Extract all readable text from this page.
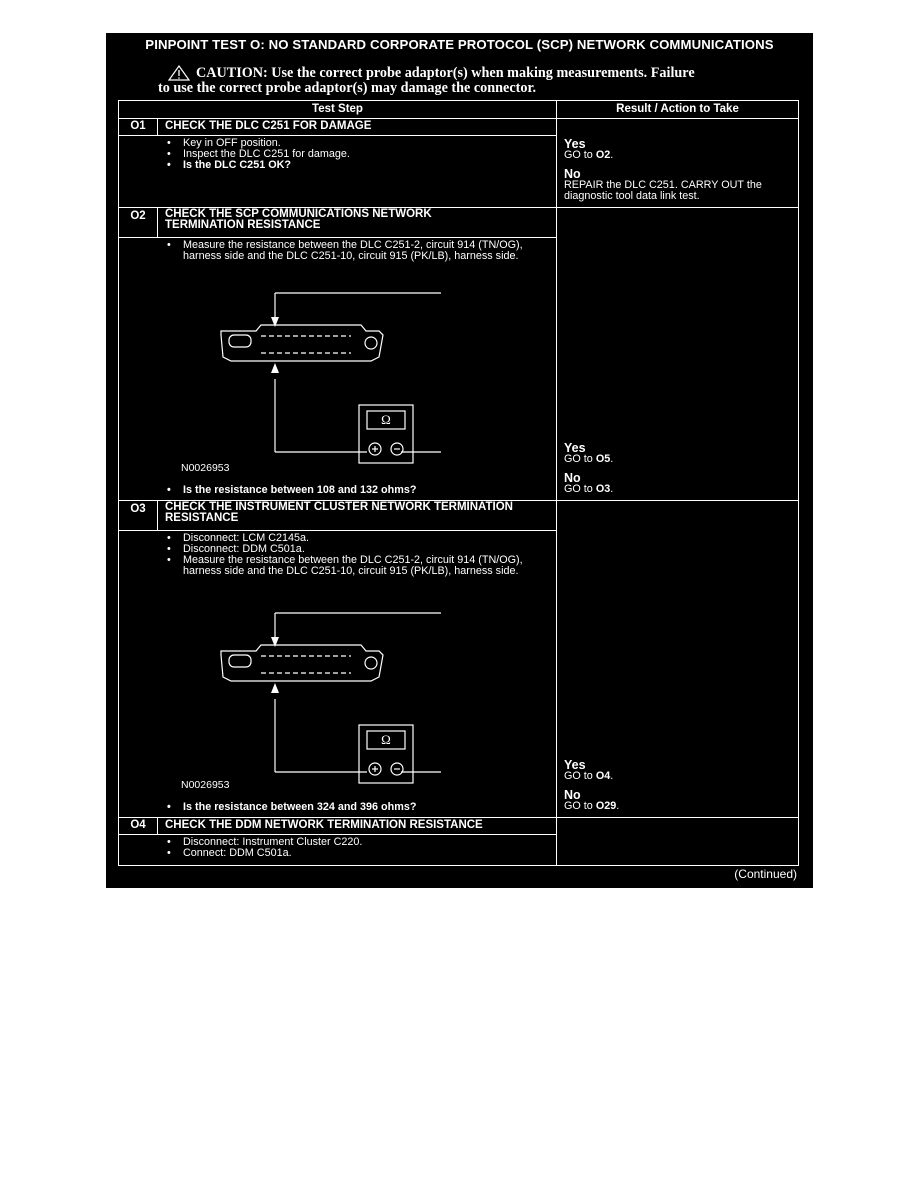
PINPOINT TEST O: NO STANDARD CORPORATE PROTOCOL (SCP) NETWORK COMMUNICATIONS
CAUTION: Use the correct probe adaptor(s) when making measurements. Failure
to use the correct probe adaptor(s) may damage the connector.
Test Step	Result / Action to Take
O1	CHECK THE DLC C251 FOR DAMAGE
• Key in OFF position.
• Inspect the DLC C251 for damage.
• Is the DLC C251 OK?
Yes
GO to O2.
No
REPAIR the DLC C251. CARRY OUT the diagnostic tool data link test.
O2	CHECK THE SCP COMMUNICATIONS NETWORK
TERMINATION RESISTANCE
• Measure the resistance between the DLC C251-2, circuit 914 (TN/OG), harness side and the DLC C251-10, circuit 915 (PK/LB), harness side.
Ω
N0026953
• Is the resistance between 108 and 132 ohms?
Yes
GO to O5.
No
GO to O3.
O3	CHECK THE INSTRUMENT CLUSTER NETWORK TERMINATION
RESISTANCE
• Disconnect: LCM C2145a.
• Disconnect: DDM C501a.
• Measure the resistance between the DLC C251-2, circuit 914 (TN/OG), harness side and the DLC C251-10, circuit 915 (PK/LB), harness side.
Ω
N0026953
• Is the resistance between 324 and 396 ohms?
Yes
GO to O4.
No
GO to O29.
O4	CHECK THE DDM NETWORK TERMINATION RESISTANCE
• Disconnect: Instrument Cluster C220.
• Connect: DDM C501a.
(Continued)
